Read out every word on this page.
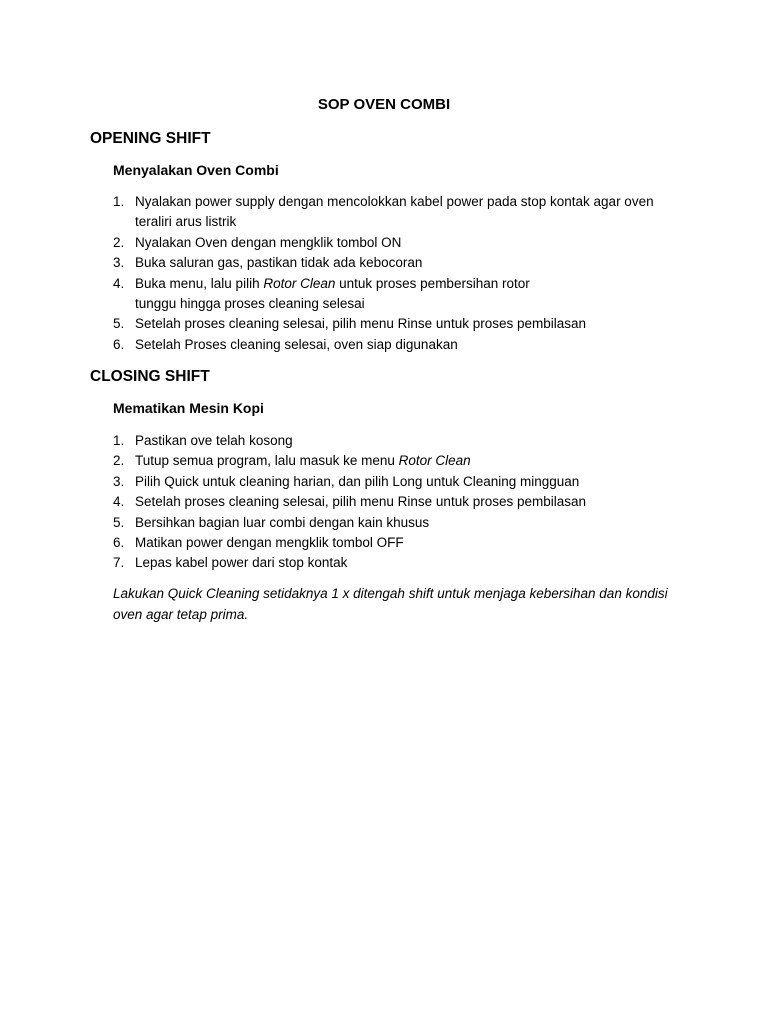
SOP OVEN COMBI
OPENING SHIFT
Menyalakan Oven Combi
1. Nyalakan power supply dengan mencolokkan kabel power pada stop kontak agar oven
teraliri arus listrik
2. Nyalakan Oven dengan mengklik tombol ON
3. Buka saluran gas, pastikan tidak ada kebocoran
4. Buka menu, lalu pilih Rotor Clean untuk proses pembersihan rotor
tunggu hingga proses cleaning selesai
5. Setelah proses cleaning selesai, pilih menu Rinse untuk proses pembilasan
6. Setelah Proses cleaning selesai, oven siap digunakan
CLOSING SHIFT
Mematikan Mesin Kopi
1. Pastikan ove telah kosong
2. Tutup semua program, lalu masuk ke menu Rotor Clean
3. Pilih Quick untuk cleaning harian, dan pilih Long untuk Cleaning mingguan
4. Setelah proses cleaning selesai, pilih menu Rinse untuk proses pembilasan
5. Bersihkan bagian luar combi dengan kain khusus
6. Matikan power dengan mengklik tombol OFF
7. Lepas kabel power dari stop kontak

Lakukan Quick Cleaning setidaknya 1 x ditengah shift untuk menjaga kebersihan dan kondisi
oven agar tetap prima.
